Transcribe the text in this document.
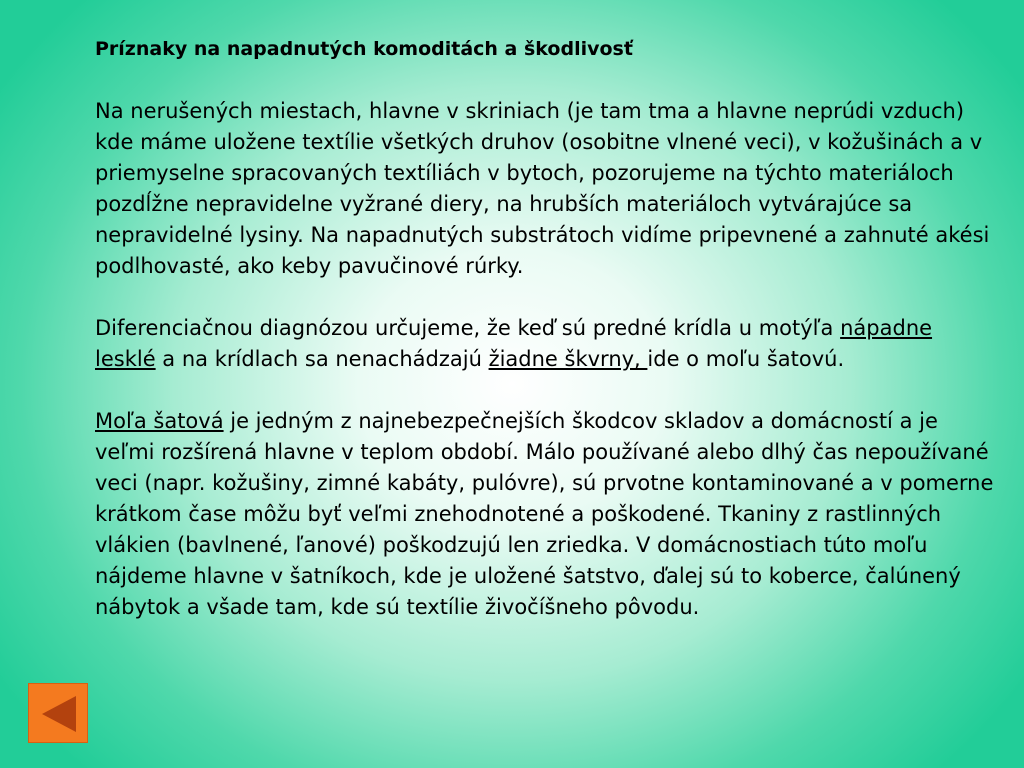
Príznaky na napadnutých komoditách a škodlivosť
Na nerušených miestach, hlavne v skriniach (je tam tma a hlavne neprúdi vzduch) kde máme uložene textílie všetkých druhov (osobitne vlnené veci), v kožušinách a v priemyselne spracovaných textíliách v bytoch, pozorujeme na týchto materiáloch pozdĺžne nepravidelne vyžrané diery, na hrubších materiáloch vytvárajúce sa nepravidelné lysiny. Na napadnutých substrátoch vidíme pripevnené a zahnuté akési podlhovasté, ako keby pavučinové rúrky.
Diferenciačnou diagnózou určujeme, že keď sú predné krídla u motýľa nápadne lesklé a na krídlach sa nenachádzajú žiadne škvrny, ide o moľu šatovú.
Moľa šatová je jedným z najnebezpečnejších škodcov skladov a domácností a je veľmi rozšírená hlavne v teplom období. Málo používané alebo dlhý čas nepoužívané veci (napr. kožušiny, zimné kabáty, pulóvre), sú prvotne kontaminované a v pomerne krátkom čase môžu byť veľmi znehodnotené a poškodené. Tkaniny z rastlinných vlákien (bavlnené, ľanové) poškodzujú len zriedka. V domácnostiach túto moľu nájdeme hlavne v šatníkoch, kde je uložené šatstvo, ďalej sú to koberce, čalúnený nábytok a všade tam, kde sú textílie živočíšneho pôvodu.
